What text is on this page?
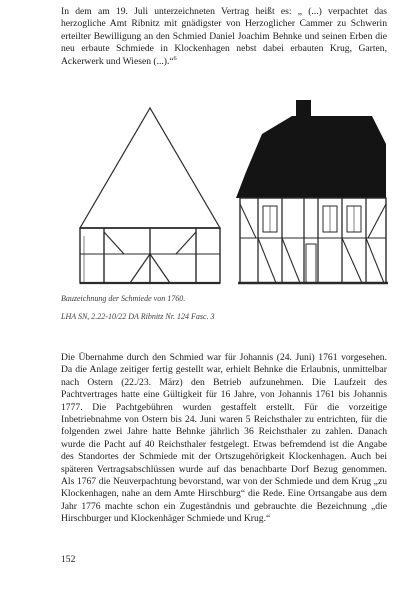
In dem am 19. Juli unterzeichneten Vertrag heißt es: „ (...) verpachtet das herzogliche Amt Ribnitz mit gnädigster von Herzoglicher Cammer zu Schwerin erteilter Bewilligung an den Schmied Daniel Joachim Behnke und seinen Erben die neu erbaute Schmiede in Klockenhagen nebst dabei erbauten Krug, Garten, Ackerwerk und Wiesen (...).“$^6$

Bauzeichnung der Schmiede von 1760.
LHA SN, 2.22-10/22 DA Ribnitz Nr. 124 Fasc. 3

Die Übernahme durch den Schmied war für Johannis (24. Juni) 1761 vorgesehen. Da die Anlage zeitiger fertig gestellt war, erhielt Behnke die Erlaubnis, unmittelbar nach Ostern (22./23. März) den Betrieb aufzunehmen. Die Laufzeit des Pachtvertrages hatte eine Gültigkeit für 16 Jahre, von Johannis 1761 bis Johannis 1777. Die Pachtgebühren wurden gestaffelt erstellt. Für die vorzeitige Inbetriebnahme von Ostern bis 24. Juni waren 5 Reichsthaler zu entrichten, für die folgenden zwei Jahre hatte Behnke jährlich 36 Reichsthaler zu zahlen. Danach wurde die Pacht auf 40 Reichsthaler festgelegt. Etwas befremdend ist die Angabe des Standortes der Schmiede mit der Ortszugehörigkeit Klockenhagen. Auch bei späteren Vertragsabschlüssen wurde auf das benachbarte Dorf Bezug genommen. Als 1767 die Neuverpachtung bevorstand, war von der Schmiede und dem Krug „zu Klockenhagen, nahe an dem Amte Hirschburg“ die Rede. Eine Ortsangabe aus dem Jahr 1776 machte schon ein Zugeständnis und gebrauchte die Bezeichnung „die Hirschburger und Klockenhäger Schmiede und Krug.“

152
